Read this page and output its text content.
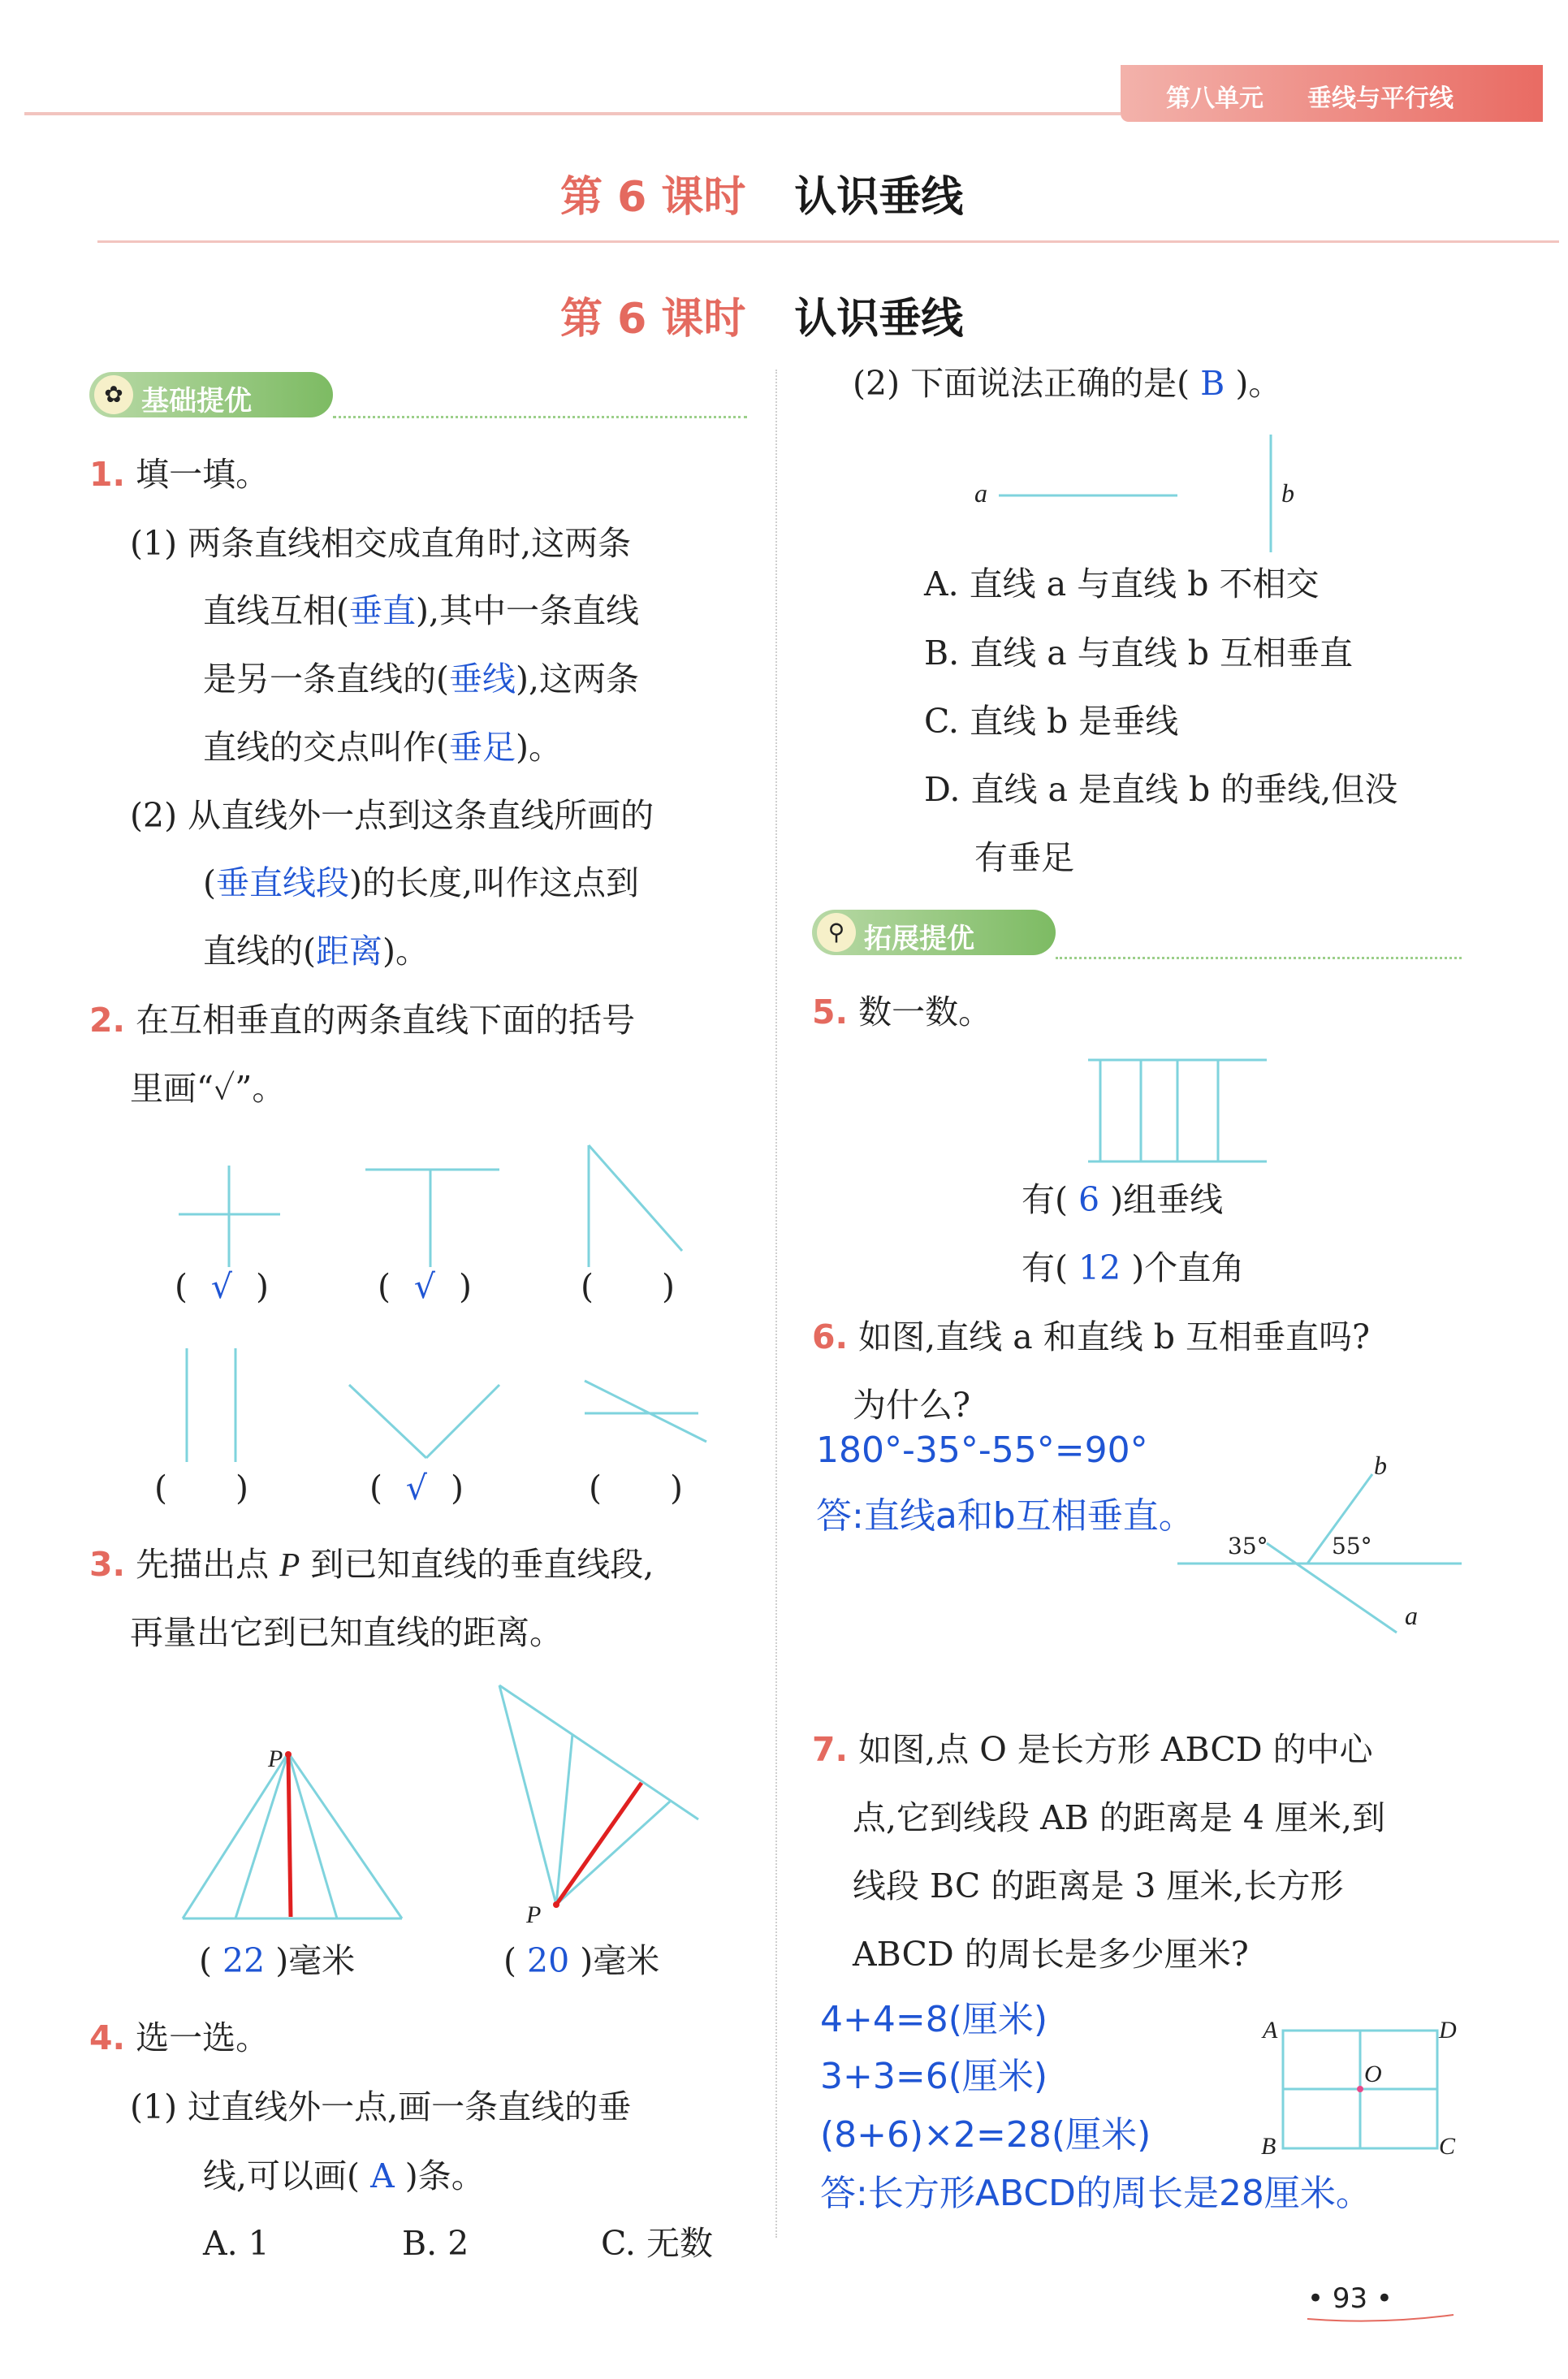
第八单元 垂线与平行线
第 6 课时 认识垂线
第 6 课时 认识垂线
✿ 基础提优
1. 填一填。
(1) 两条直线相交成直角时,这两条
直线互相(垂直),其中一条直线
是另一条直线的(垂线),这两条
直线的交点叫作(垂足)。
(2) 从直线外一点到这条直线所画的
(垂直线段)的长度,叫作这点到
直线的(距离)。
2. 在互相垂直的两条直线下面的括号
里画“✓”。
( √ )	( √ )	( )
( )	( √ )	( )
3. 先描出点 P 到已知直线的垂直线段,
再量出它到已知直线的距离。
P
P
( 22 )毫米	( 20 )毫米
4. 选一选。
(1) 过直线外一点,画一条直线的垂
线,可以画( A )条。
A. 1	B. 2	C. 无数
(2) 下面说法正确的是( B )。
a	b
A. 直线 a 与直线 b 不相交
B. 直线 a 与直线 b 互相垂直
C. 直线 b 是垂线
D. 直线 a 是直线 b 的垂线,但没
有垂足
⚲ 拓展提优
5. 数一数。
有( 6 )组垂线
有( 12 )个直角
6. 如图,直线 a 和直线 b 互相垂直吗?
为什么?
180°-35°-55°=90°
答:直线a和b互相垂直。
35°	55°
a
b
7. 如图,点 O 是长方形 ABCD 的中心
点,它到线段 AB 的距离是 4 厘米,到
线段 BC 的距离是 3 厘米,长方形
ABCD 的周长是多少厘米?
4+4=8(厘米)
3+3=6(厘米)
(8+6)×2=28(厘米)
答:长方形ABCD的周长是28厘米。
A	D
B	C
O
• 93 •
